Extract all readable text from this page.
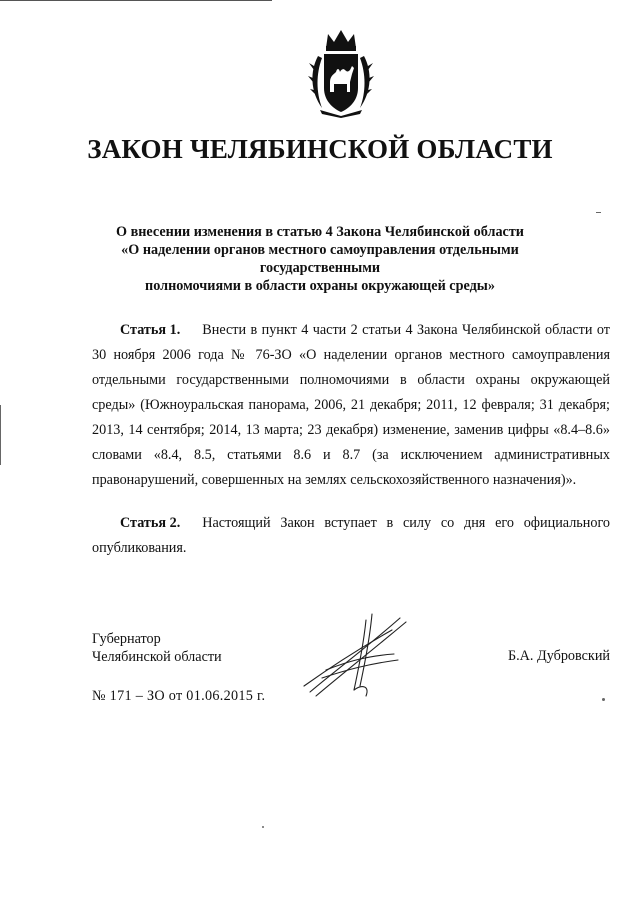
ЗАКОН ЧЕЛЯБИНСКОЙ ОБЛАСТИ
О внесении изменения в статью 4 Закона Челябинской области
«О наделении органов местного самоуправления отдельными государственными
полномочиями в области охраны окружающей среды»
Статья 1. Внести в пункт 4 части 2 статьи 4 Закона Челябинской области от 30 ноября 2006 года № 76-ЗО «О наделении органов местного самоуправления отдельными государственными полномочиями в области охраны окружающей среды» (Южноуральская панорама, 2006, 21 декабря; 2011, 12 февраля; 31 декабря; 2013, 14 сентября; 2014, 13 марта; 23 декабря) изменение, заменив цифры «8.4–8.6» словами «8.4, 8.5, статьями 8.6 и 8.7 (за исключением административных правонарушений, совершенных на землях сельскохозяйственного назначения)».
Статья 2. Настоящий Закон вступает в силу со дня его официального опубликования.
Губернатор
Челябинской области	Б.А. Дубровский
№ 171 – ЗО от 01.06.2015 г.
